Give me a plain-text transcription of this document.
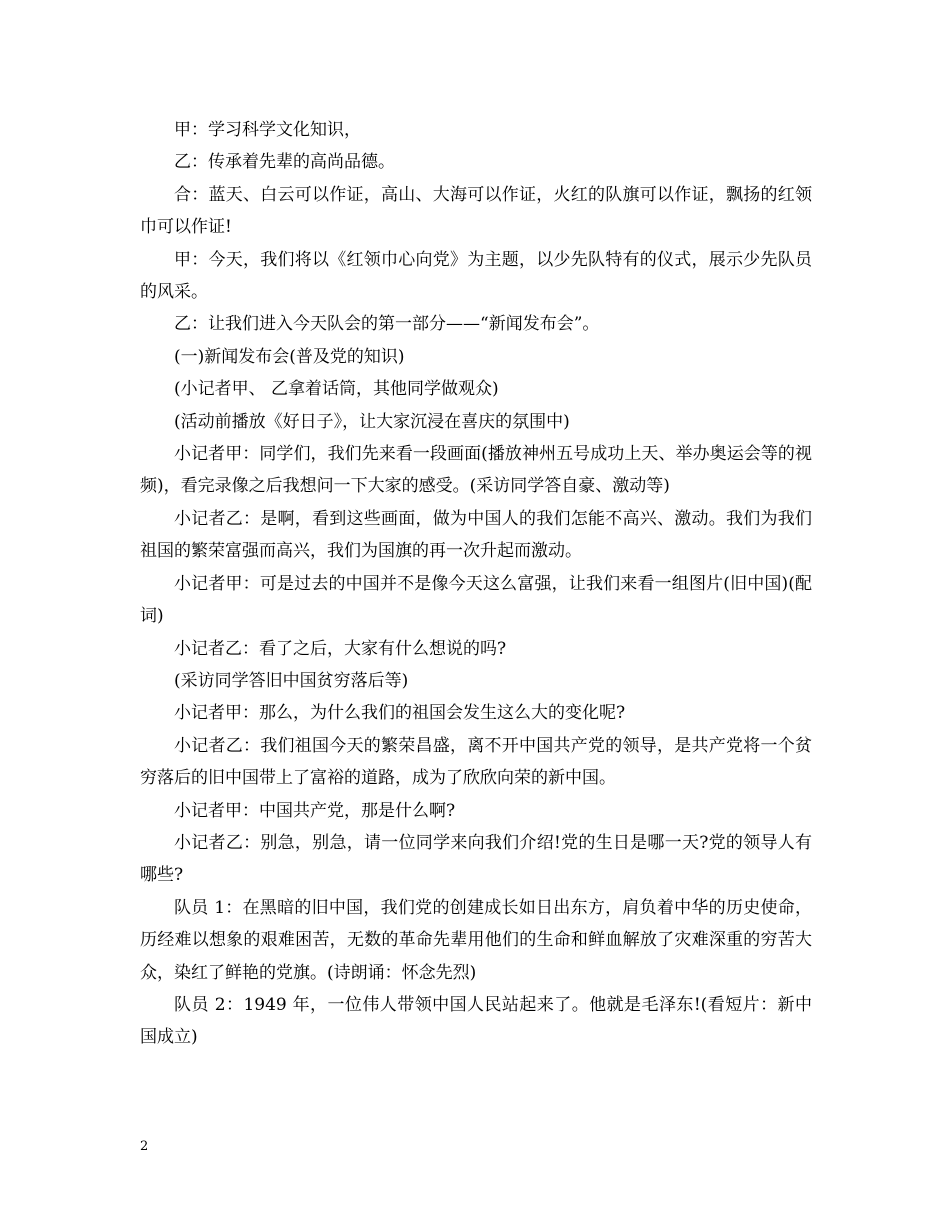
甲：学习科学文化知识，

乙：传承着先辈的高尚品德。

合：蓝天、白云可以作证，高山、大海可以作证，火红的队旗可以作证，飘扬的红领巾可以作证!

甲：今天，我们将以《红领巾心向党》为主题，以少先队特有的仪式，展示少先队员的风采。

乙：让我们进入今天队会的第一部分——“新闻发布会”。

(一)新闻发布会(普及党的知识)

(小记者甲、 乙拿着话筒，其他同学做观众)

(活动前播放《好日子》，让大家沉浸在喜庆的氛围中)

小记者甲：同学们，我们先来看一段画面(播放神州五号成功上天、举办奥运会等的视频)，看完录像之后我想问一下大家的感受。(采访同学答自豪、激动等)

小记者乙：是啊，看到这些画面，做为中国人的我们怎能不高兴、激动。我们为我们祖国的繁荣富强而高兴，我们为国旗的再一次升起而激动。

小记者甲：可是过去的中国并不是像今天这么富强，让我们来看一组图片(旧中国)(配词)

小记者乙：看了之后，大家有什么想说的吗?

(采访同学答旧中国贫穷落后等)

小记者甲：那么，为什么我们的祖国会发生这么大的变化呢?

小记者乙：我们祖国今天的繁荣昌盛，离不开中国共产党的领导，是共产党将一个贫穷落后的旧中国带上了富裕的道路，成为了欣欣向荣的新中国。

小记者甲：中国共产党，那是什么啊?

小记者乙：别急，别急，请一位同学来向我们介绍!党的生日是哪一天?党的领导人有哪些?

队员 1：在黑暗的旧中国，我们党的创建成长如日出东方，肩负着中华的历史使命，历经难以想象的艰难困苦，无数的革命先辈用他们的生命和鲜血解放了灾难深重的穷苦大众，染红了鲜艳的党旗。(诗朗诵：怀念先烈)

队员 2：1949 年，一位伟人带领中国人民站起来了。他就是毛泽东!(看短片：新中国成立)

2
